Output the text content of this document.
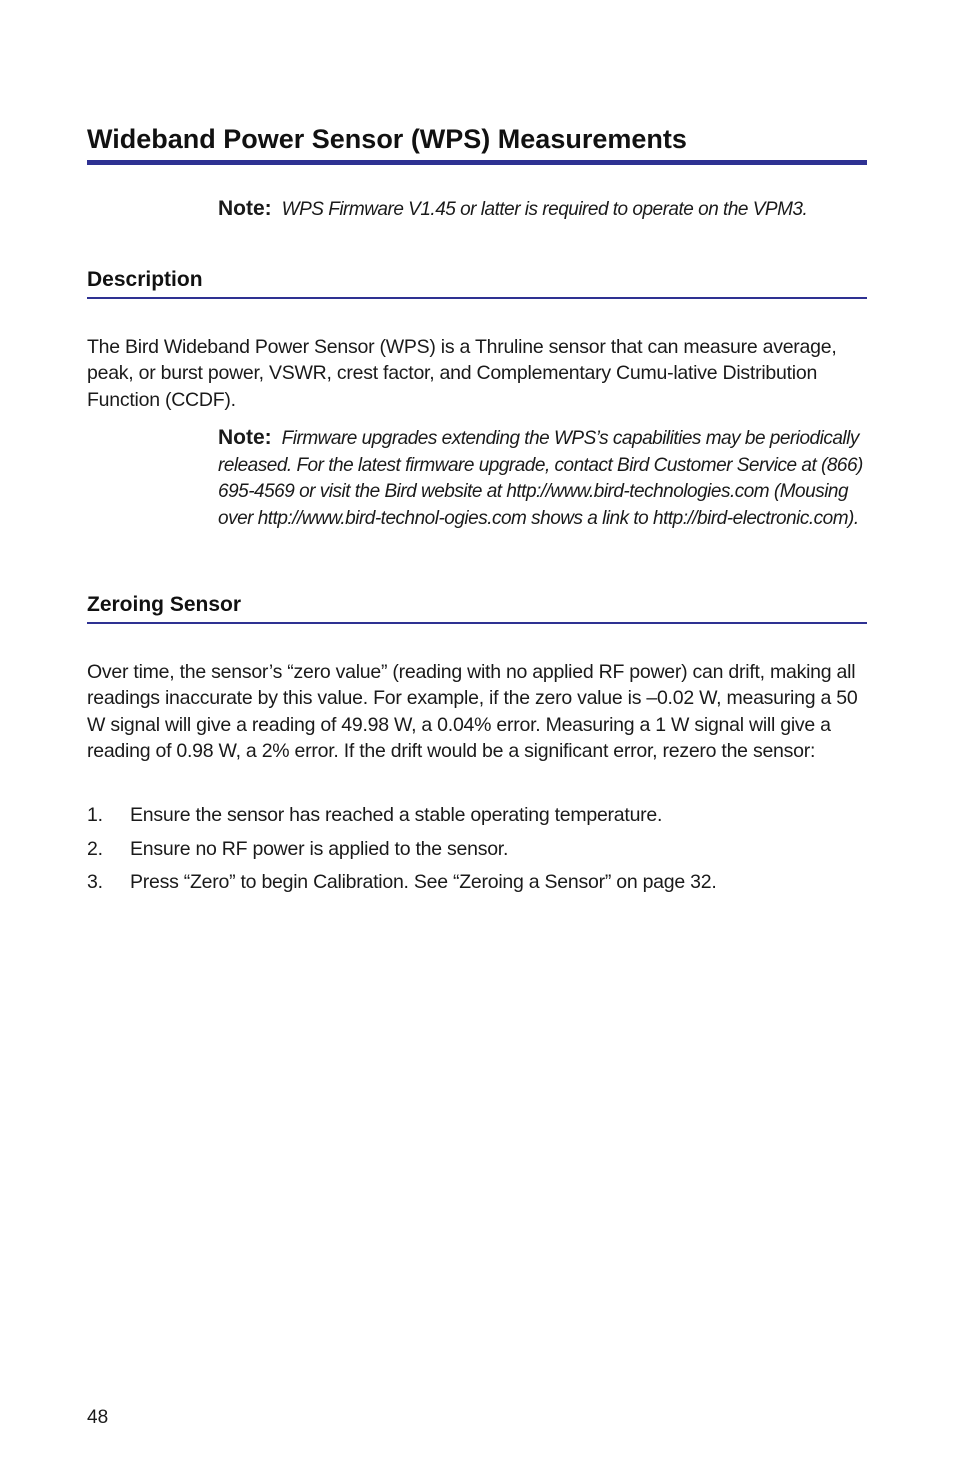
Wideband Power Sensor (WPS) Measurements

Note: WPS Firmware V1.45 or latter is required to operate on the VPM3.

Description

The Bird Wideband Power Sensor (WPS) is a Thruline sensor that can measure average, peak, or burst power, VSWR, crest factor, and Complementary Cumu-lative Distribution Function (CCDF).

Note: Firmware upgrades extending the WPS’s capabilities may be periodically released. For the latest firmware upgrade, contact Bird Customer Service at (866) 695-4569 or visit the Bird website at http://www.bird-technologies.com (Mousing over http://www.bird-technol-ogies.com shows a link to http://bird-electronic.com).

Zeroing Sensor

Over time, the sensor’s “zero value” (reading with no applied RF power) can drift, making all readings inaccurate by this value. For example, if the zero value is –0.02 W, measuring a 50 W signal will give a reading of 49.98 W, a 0.04% error. Measuring a 1 W signal will give a reading of 0.98 W, a 2% error. If the drift would be a significant error, rezero the sensor:

1. Ensure the sensor has reached a stable operating temperature.
2. Ensure no RF power is applied to the sensor.
3. Press “Zero” to begin Calibration. See “Zeroing a Sensor” on page 32.
48
